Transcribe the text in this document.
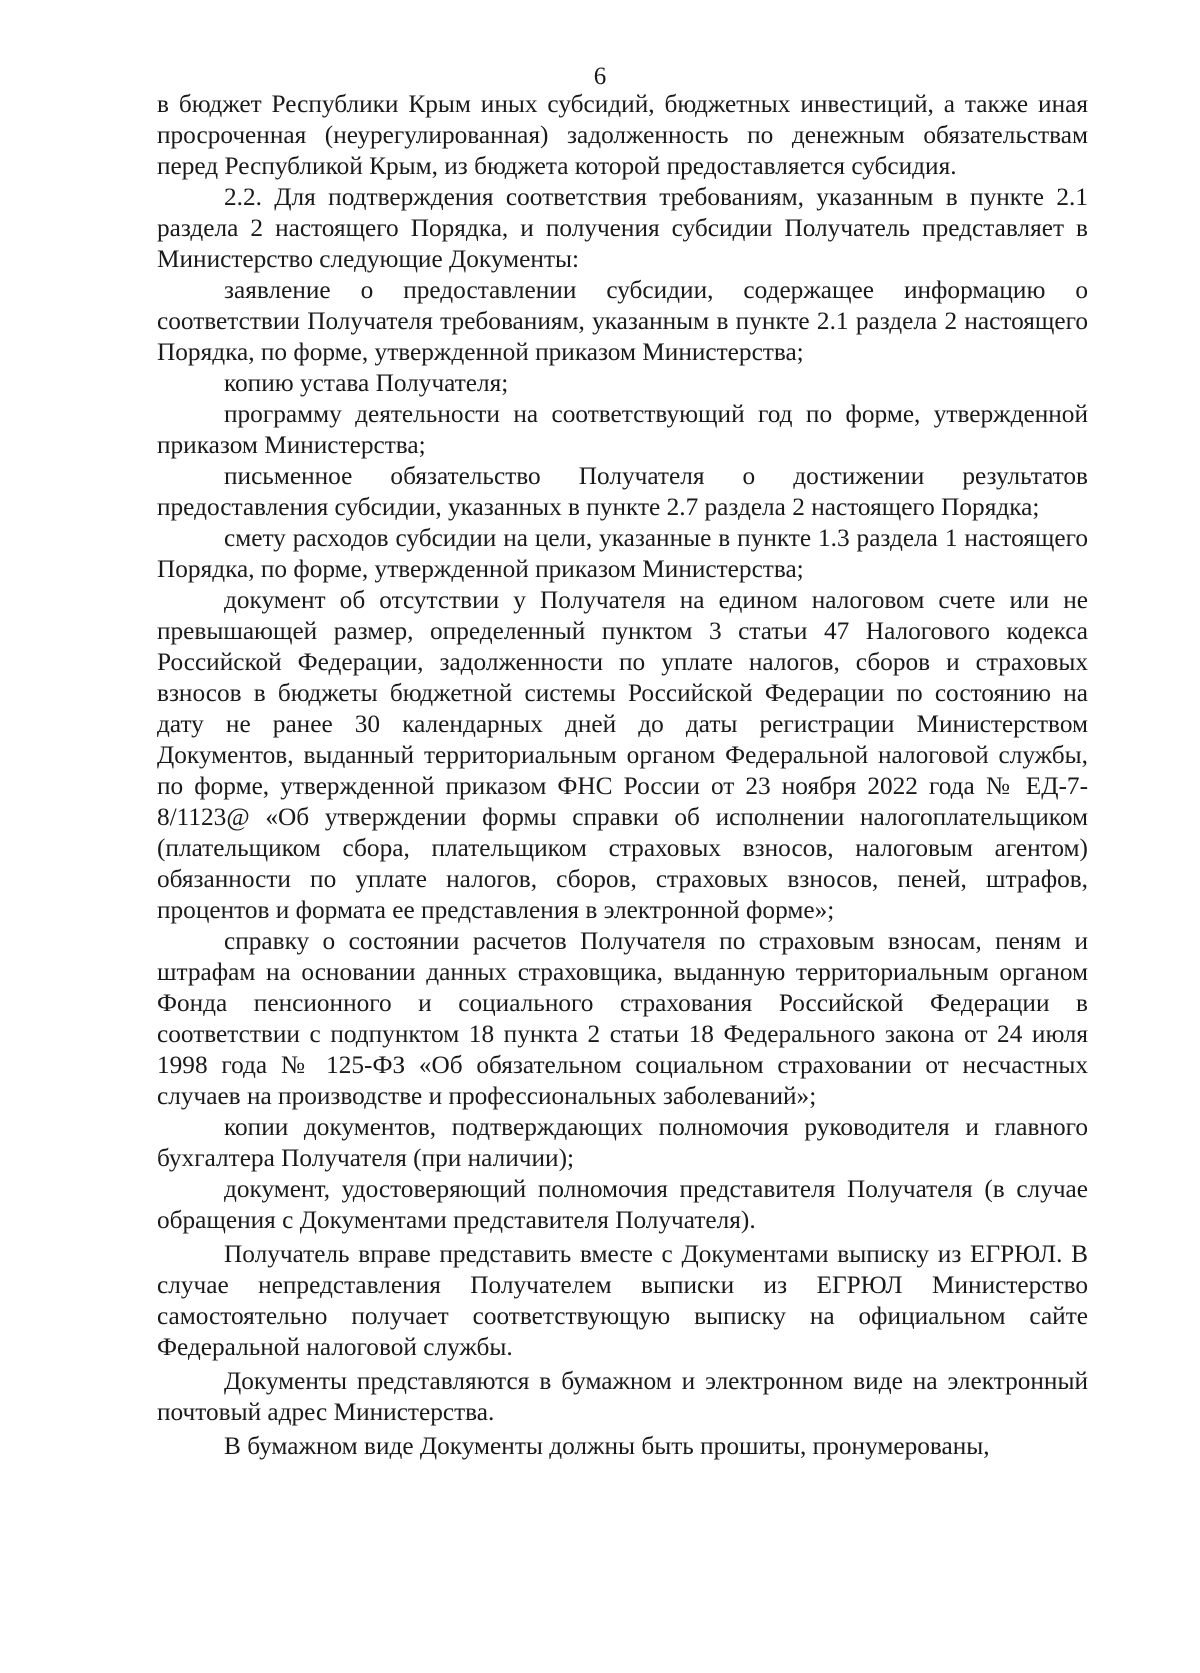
6

в бюджет Республики Крым иных субсидий, бюджетных инвестиций, а также иная просроченная (неурегулированная) задолженность по денежным обязательствам перед Республикой Крым, из бюджета которой предоставляется субсидия.

2.2. Для подтверждения соответствия требованиям, указанным в пункте 2.1 раздела 2 настоящего Порядка, и получения субсидии Получатель представляет в Министерство следующие Документы:

заявление о предоставлении субсидии, содержащее информацию о соответствии Получателя требованиям, указанным в пункте 2.1 раздела 2 настоящего Порядка, по форме, утвержденной приказом Министерства;

копию устава Получателя;

программу деятельности на соответствующий год по форме, утвержденной приказом Министерства;

письменное обязательство Получателя о достижении результатов предоставления субсидии, указанных в пункте 2.7 раздела 2 настоящего Порядка;

смету расходов субсидии на цели, указанные в пункте 1.3 раздела 1 настоящего Порядка, по форме, утвержденной приказом Министерства;

документ об отсутствии у Получателя на едином налоговом счете или не превышающей размер, определенный пунктом 3 статьи 47 Налогового кодекса Российской Федерации, задолженности по уплате налогов, сборов и страховых взносов в бюджеты бюджетной системы Российской Федерации по состоянию на дату не ранее 30 календарных дней до даты регистрации Министерством Документов, выданный территориальным органом Федеральной налоговой службы, по форме, утвержденной приказом ФНС России от 23 ноября 2022 года № ЕД-7-8/1123@ «Об утверждении формы справки об исполнении налогоплательщиком (плательщиком сбора, плательщиком страховых взносов, налоговым агентом) обязанности по уплате налогов, сборов, страховых взносов, пеней, штрафов, процентов и формата ее представления в электронной форме»;

справку о состоянии расчетов Получателя по страховым взносам, пеням и штрафам на основании данных страховщика, выданную территориальным органом Фонда пенсионного и социального страхования Российской Федерации в соответствии с подпунктом 18 пункта 2 статьи 18 Федерального закона от 24 июля 1998 года № 125-ФЗ «Об обязательном социальном страховании от несчастных случаев на производстве и профессиональных заболеваний»;

копии документов, подтверждающих полномочия руководителя и главного бухгалтера Получателя (при наличии);

документ, удостоверяющий полномочия представителя Получателя (в случае обращения с Документами представителя Получателя).

Получатель вправе представить вместе с Документами выписку из ЕГРЮЛ. В случае непредставления Получателем выписки из ЕГРЮЛ Министерство самостоятельно получает соответствующую выписку на официальном сайте Федеральной налоговой службы.

Документы представляются в бумажном и электронном виде на электронный почтовый адрес Министерства.

В бумажном виде Документы должны быть прошиты, пронумерованы,
